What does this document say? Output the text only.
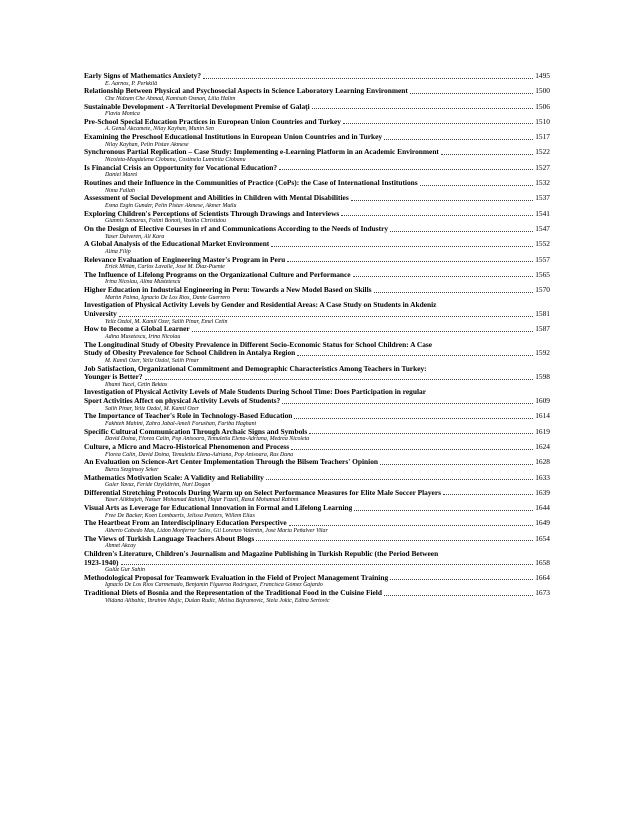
Early Signs of Mathematics Anxiety?	1495
E. Aarnos, P. Perkkilä
Relationship Between Physical and Psychosocial Aspects in Science Laboratory Learning Environment	1500
Che Nidzam Che Ahmad, Kamisah Osman, Lilia Halim
Sustainable Development - A Territorial Development Premise of Galaţi	1506
Flaviu Monica
Pre-School Special Education Practices in European Union Countries and Turkey	1510
A. Genul Akcamete, Nilay Kayhan, Munin Sen
Examining the Preschool Educational Institutions in European Union Countries and in Turkey	1517
Nilay Kayhan, Pelin Pistav Akmese
Synchronous Partial Replication – Case Study: Implementing e-Learning Platform in an Academic Environment	1522
Nicoleta-Magdalena Ciobanu, Costinela Luminita Ciobanu
Is Financial Crisis an Opportunity for Vocational Education?	1527
Daniel Mareš
Routines and their Influence in the Communities of Practice (CoPs): the Case of International Institutions	1532
Nima Fallah
Assessment of Social Development and Abilities in Children with Mental Disabilities	1537
Esma Ezgin Gunder, Pelin Pistav Akmese, Akmer Mutlu
Exploring Children's Perceptions of Scientists Through Drawings and Interviews	1541
Giannis Samaras, Fotini Bonoti, Vasilia Christidou
On the Design of Elective Courses in rf and Communications According to the Needs of Industry	1547
Yaser Dalveren, Ali Kara
A Global Analysis of the Educational Market Environment	1552
Alina Filip
Relevance Evaluation of Engineering Master's Program in Peru	1557
Erick Miñán, Carlos Lavalle, José M. Díaz-Puente
The Influence of Lifelong Programs on the Organizational Culture and Performance	1565
Irina Nicolau, Alina Mustetescu
Higher Education in Industrial Engineering in Peru: Towards a New Model Based on Skills	1570
Martín Palma, Ignacio De Los Ríos, Dante Guerrero
Investigation of Physical Activity Levels by Gender and Residential Areas: A Case Study on Students in Akdeniz
University	1581
Yeliz Ozdol, M. Kamil Ozer, Salih Pinar, Emel Cetin
How to Become a Global Learner	1587
Adina Musetescu, Irina Nicolau
The Longitudinal Study of Obesity Prevalence in Different Socio-Economic Status for School Children: A Case
Study of Obesity Prevalence for School Children in Antalya Region	1592
M. Kamil Ozer, Yeliz Ozdol, Salih Pinar
Job Satisfaction, Organizational Commitment and Demographic Characteristics Among Teachers in Turkey:
Younger is Better?	1598
Ilhami Yucel, Cetin Bektas
Investigation of Physical Activity Levels of Male Students During School Time: Does Participation in regular
Sport Activities Affect on physical Activity Levels of Students?	1609
Salih Pinar, Yeliz Ozdol, M. Kamil Ozer
The Importance of Teacher's Role in Technology-Based Education	1614
Fakhteh Mahini, Zahra Jabal-Ameli Forushan, Fariba Haghani
Specific Cultural Communication Through Archaic Signs and Symbols	1619
David Doina, Florea Calin, Pop Anisoara, Temuletiu Elena-Adriana, Medrea Nicoleta
Culture, a Micro and Macro-Historical Phenomenon and Process	1624
Florea Calin, David Doina, Temuletiu Elena-Adriana, Pop Anisoara, Rus Dana
An Evaluation on Science-Art Center Implementation Through the Bilsem Teachers' Opinion	1628
Burcu Sezginsoy Seker
Mathematics Motivation Scale: A Validity and Reliability	1633
Guler Yavuz, Feride Ozyildirim, Nuri Dogan
Differential Stretching Protocols During Warm up on Select Performance Measures for Elite Male Soccer Players	1639
Yaser Alikhajeh, Nasser Mohamad Rahimi, Hajar Fazeli, Rasul Mohamad Rahimi
Visual Arts as Leverage for Educational Innovation in Formal and Lifelong Learning	1644
Free De Backer, Koen Lombaerts, Jelissa Peeters, Willem Elias
The Heartbeat From an Interdisciplinary Education Perspective	1649
Alberto Cabedo Mas, Lidón Monferrer Sales, Gil Lorenzo Valentín, José María Peñalver Vilar
The Views of Turkish Language Teachers About Blogs	1654
Ahmet Akcay
Children's Literature, Children's Journalism and Magazine Publishing in Turkish Republic (the Period Between
1923-1940)	1658
Gulüz Gur Sahin
Methodological Proposal for Teamwork Evaluation in the Field of Project Management Training	1664
Ignacio De Los Ríos Carmenado, Benjamín Figueroa Rodríguez, Francisca Gómez Gajardo
Traditional Diets of Bosnia and the Representation of the Traditional Food in the Cuisine Field	1673
Vildana Alibabic, Ibrahim Mujic, Dušan Rudic, Melisa Bajramovic, Stela Jokic, Edina Šertovic
